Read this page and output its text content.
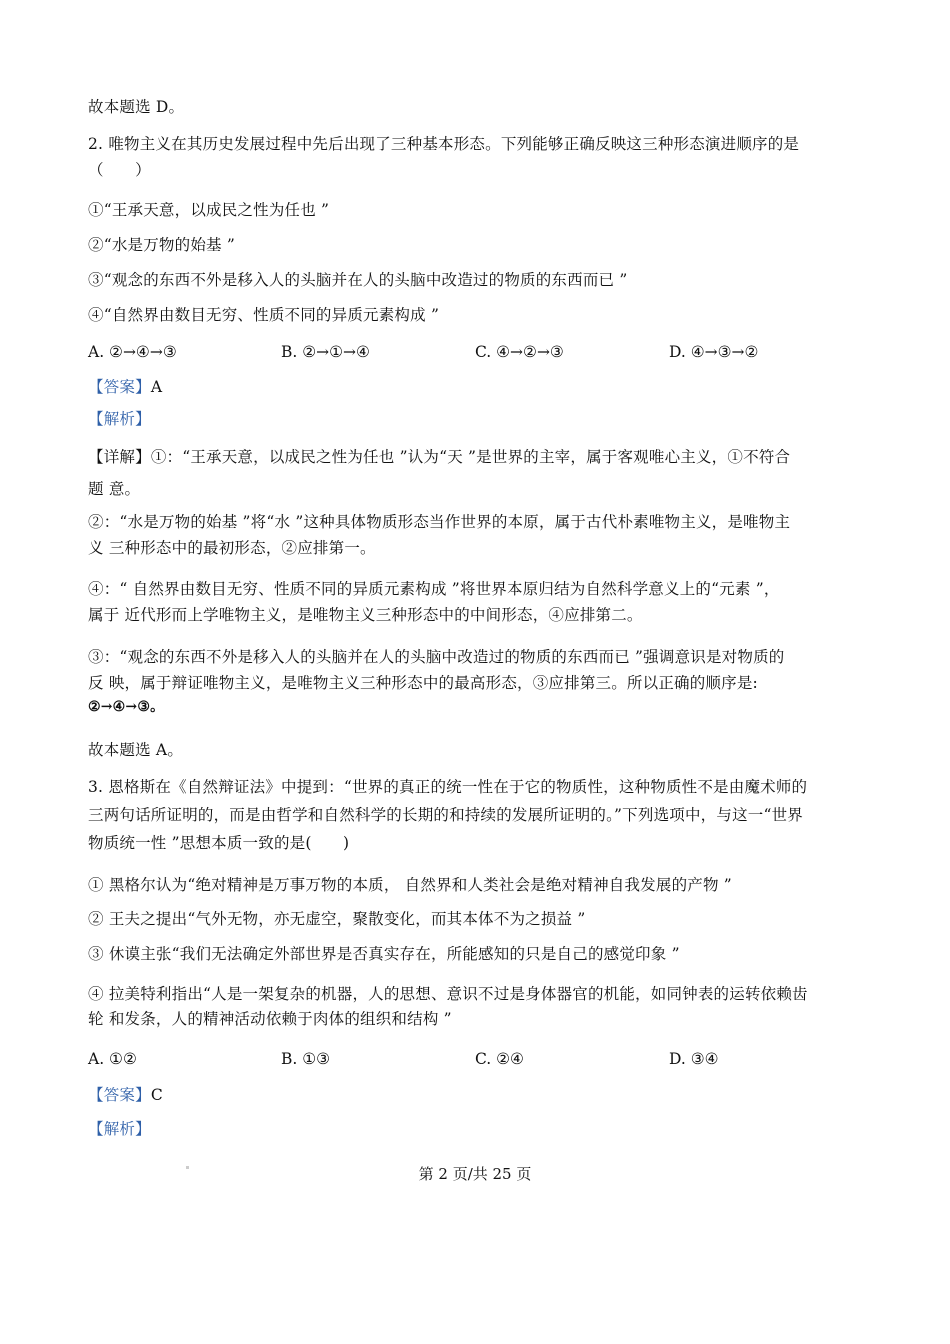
故本题选 D。
2. 唯物主义在其历史发展过程中先后出现了三种基本形态。下列能够正确反映这三种形态演进顺序的是
（　　）
①“王承天意，以成民之性为任也 ”
②“水是万物的始基 ”
③“观念的东西不外是移入人的头脑并在人的头脑中改造过的物质的东西而已 ”
④“自然界由数目无穷、性质不同的异质元素构成 ”
A. ②→④→③	B. ②→①→④	C. ④→②→③	D. ④→③→②
【答案】A
【解析】
【详解】①：“王承天意，以成民之性为任也 ”认为“天 ”是世界的主宰，属于客观唯心主义，①不符合
题 意。
②：“水是万物的始基 ”将“水 ”这种具体物质形态当作世界的本原，属于古代朴素唯物主义，是唯物主
义 三种形态中的最初形态，②应排第一。
④：“ 自然界由数目无穷、性质不同的异质元素构成 ”将世界本原归结为自然科学意义上的“元素 ”，
属于 近代形而上学唯物主义，是唯物主义三种形态中的中间形态，④应排第二。
③：“观念的东西不外是移入人的头脑并在人的头脑中改造过的物质的东西而已 ”强调意识是对物质的
反 映，属于辩证唯物主义，是唯物主义三种形态中的最高形态，③应排第三。所以正确的顺序是:
②→④→③。
故本题选 A。
3. 恩格斯在《自然辩证法》中提到：“世界的真正的统一性在于它的物质性，这种物质性不是由魔术师的
三两句话所证明的，而是由哲学和自然科学的长期的和持续的发展所证明的。”下列选项中，与这一“世界
物质统一性 ”思想本质一致的是(　　)
① 黑格尔认为“绝对精神是万事万物的本质， 自然界和人类社会是绝对精神自我发展的产物 ”
② 王夫之提出“气外无物，亦无虚空，聚散变化，而其本体不为之损益 ”
③ 休谟主张“我们无法确定外部世界是否真实存在，所能感知的只是自己的感觉印象 ”
④ 拉美特利指出“人是一架复杂的机器，人的思想、意识不过是身体器官的机能，如同钟表的运转依赖齿
轮 和发条，人的精神活动依赖于肉体的组织和结构 ”
A. ①②	B. ①③	C. ②④	D. ③④
【答案】C
【解析】
第 2 页/共 25 页
